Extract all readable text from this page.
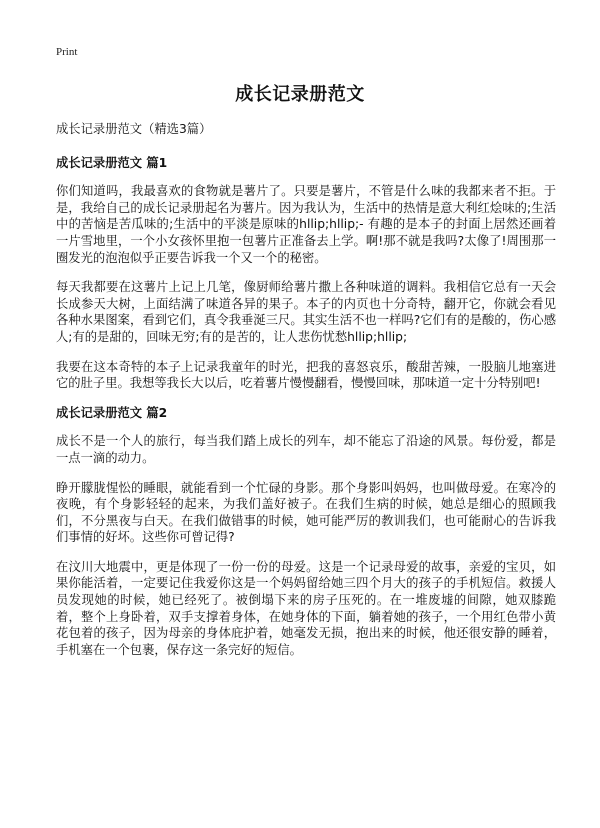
Print
成长记录册范文

成长记录册范文（精选3篇）

成长记录册范文 篇1

你们知道吗，我最喜欢的食物就是薯片了。只要是薯片，不管是什么味的我都来者不拒。于是，我给自己的成长记录册起名为薯片。因为我认为，生活中的热情是意大利红烩味的;生活中的苦恼是苦瓜味的;生活中的平淡是原味的hllip;hllip;- 有趣的是本子的封面上居然还画着一片雪地里，一个小女孩怀里抱一包薯片正准备去上学。啊!那不就是我吗?太像了!周围那一圈发光的泡泡似乎正要告诉我一个又一个的秘密。

每天我都要在这薯片上记上几笔，像厨师给薯片撒上各种味道的调料。我相信它总有一天会长成参天大树，上面结满了味道各异的果子。本子的内页也十分奇特，翻开它，你就会看见各种水果图案，看到它们，真令我垂涎三尺。其实生活不也一样吗?它们有的是酸的，伤心感人;有的是甜的，回味无穷;有的是苦的，让人悲伤忧愁hllip;hllip;

我要在这本奇特的本子上记录我童年的时光，把我的喜怒哀乐，酸甜苦辣，一股脑儿地塞进它的肚子里。我想等我长大以后，吃着薯片慢慢翻看，慢慢回味，那味道一定十分特别吧!

成长记录册范文 篇2

成长不是一个人的旅行，每当我们踏上成长的列车，却不能忘了沿途的风景。每份爱，都是一点一滴的动力。

睁开朦胧惺忪的睡眼，就能看到一个忙碌的身影。那个身影叫妈妈，也叫做母爱。在寒冷的夜晚，有个身影轻轻的起来，为我们盖好被子。在我们生病的时候，她总是细心的照顾我们，不分黑夜与白天。在我们做错事的时候，她可能严厉的教训我们，也可能耐心的告诉我们事情的好坏。这些你可曾记得?

在汶川大地震中，更是体现了一份一份的母爱。这是一个记录母爱的故事，亲爱的宝贝，如果你能活着，一定要记住我爱你这是一个妈妈留给她三四个月大的孩子的手机短信。救援人员发现她的时候，她已经死了。被倒塌下来的房子压死的。在一堆废墟的间隙，她双膝跪着，整个上身卧着，双手支撑着身体，在她身体的下面，躺着她的孩子，一个用红色带小黄花包着的孩子，因为母亲的身体庇护着，她毫发无损，抱出来的时候，他还很安静的睡着，手机塞在一个包裹，保存这一条完好的短信。
